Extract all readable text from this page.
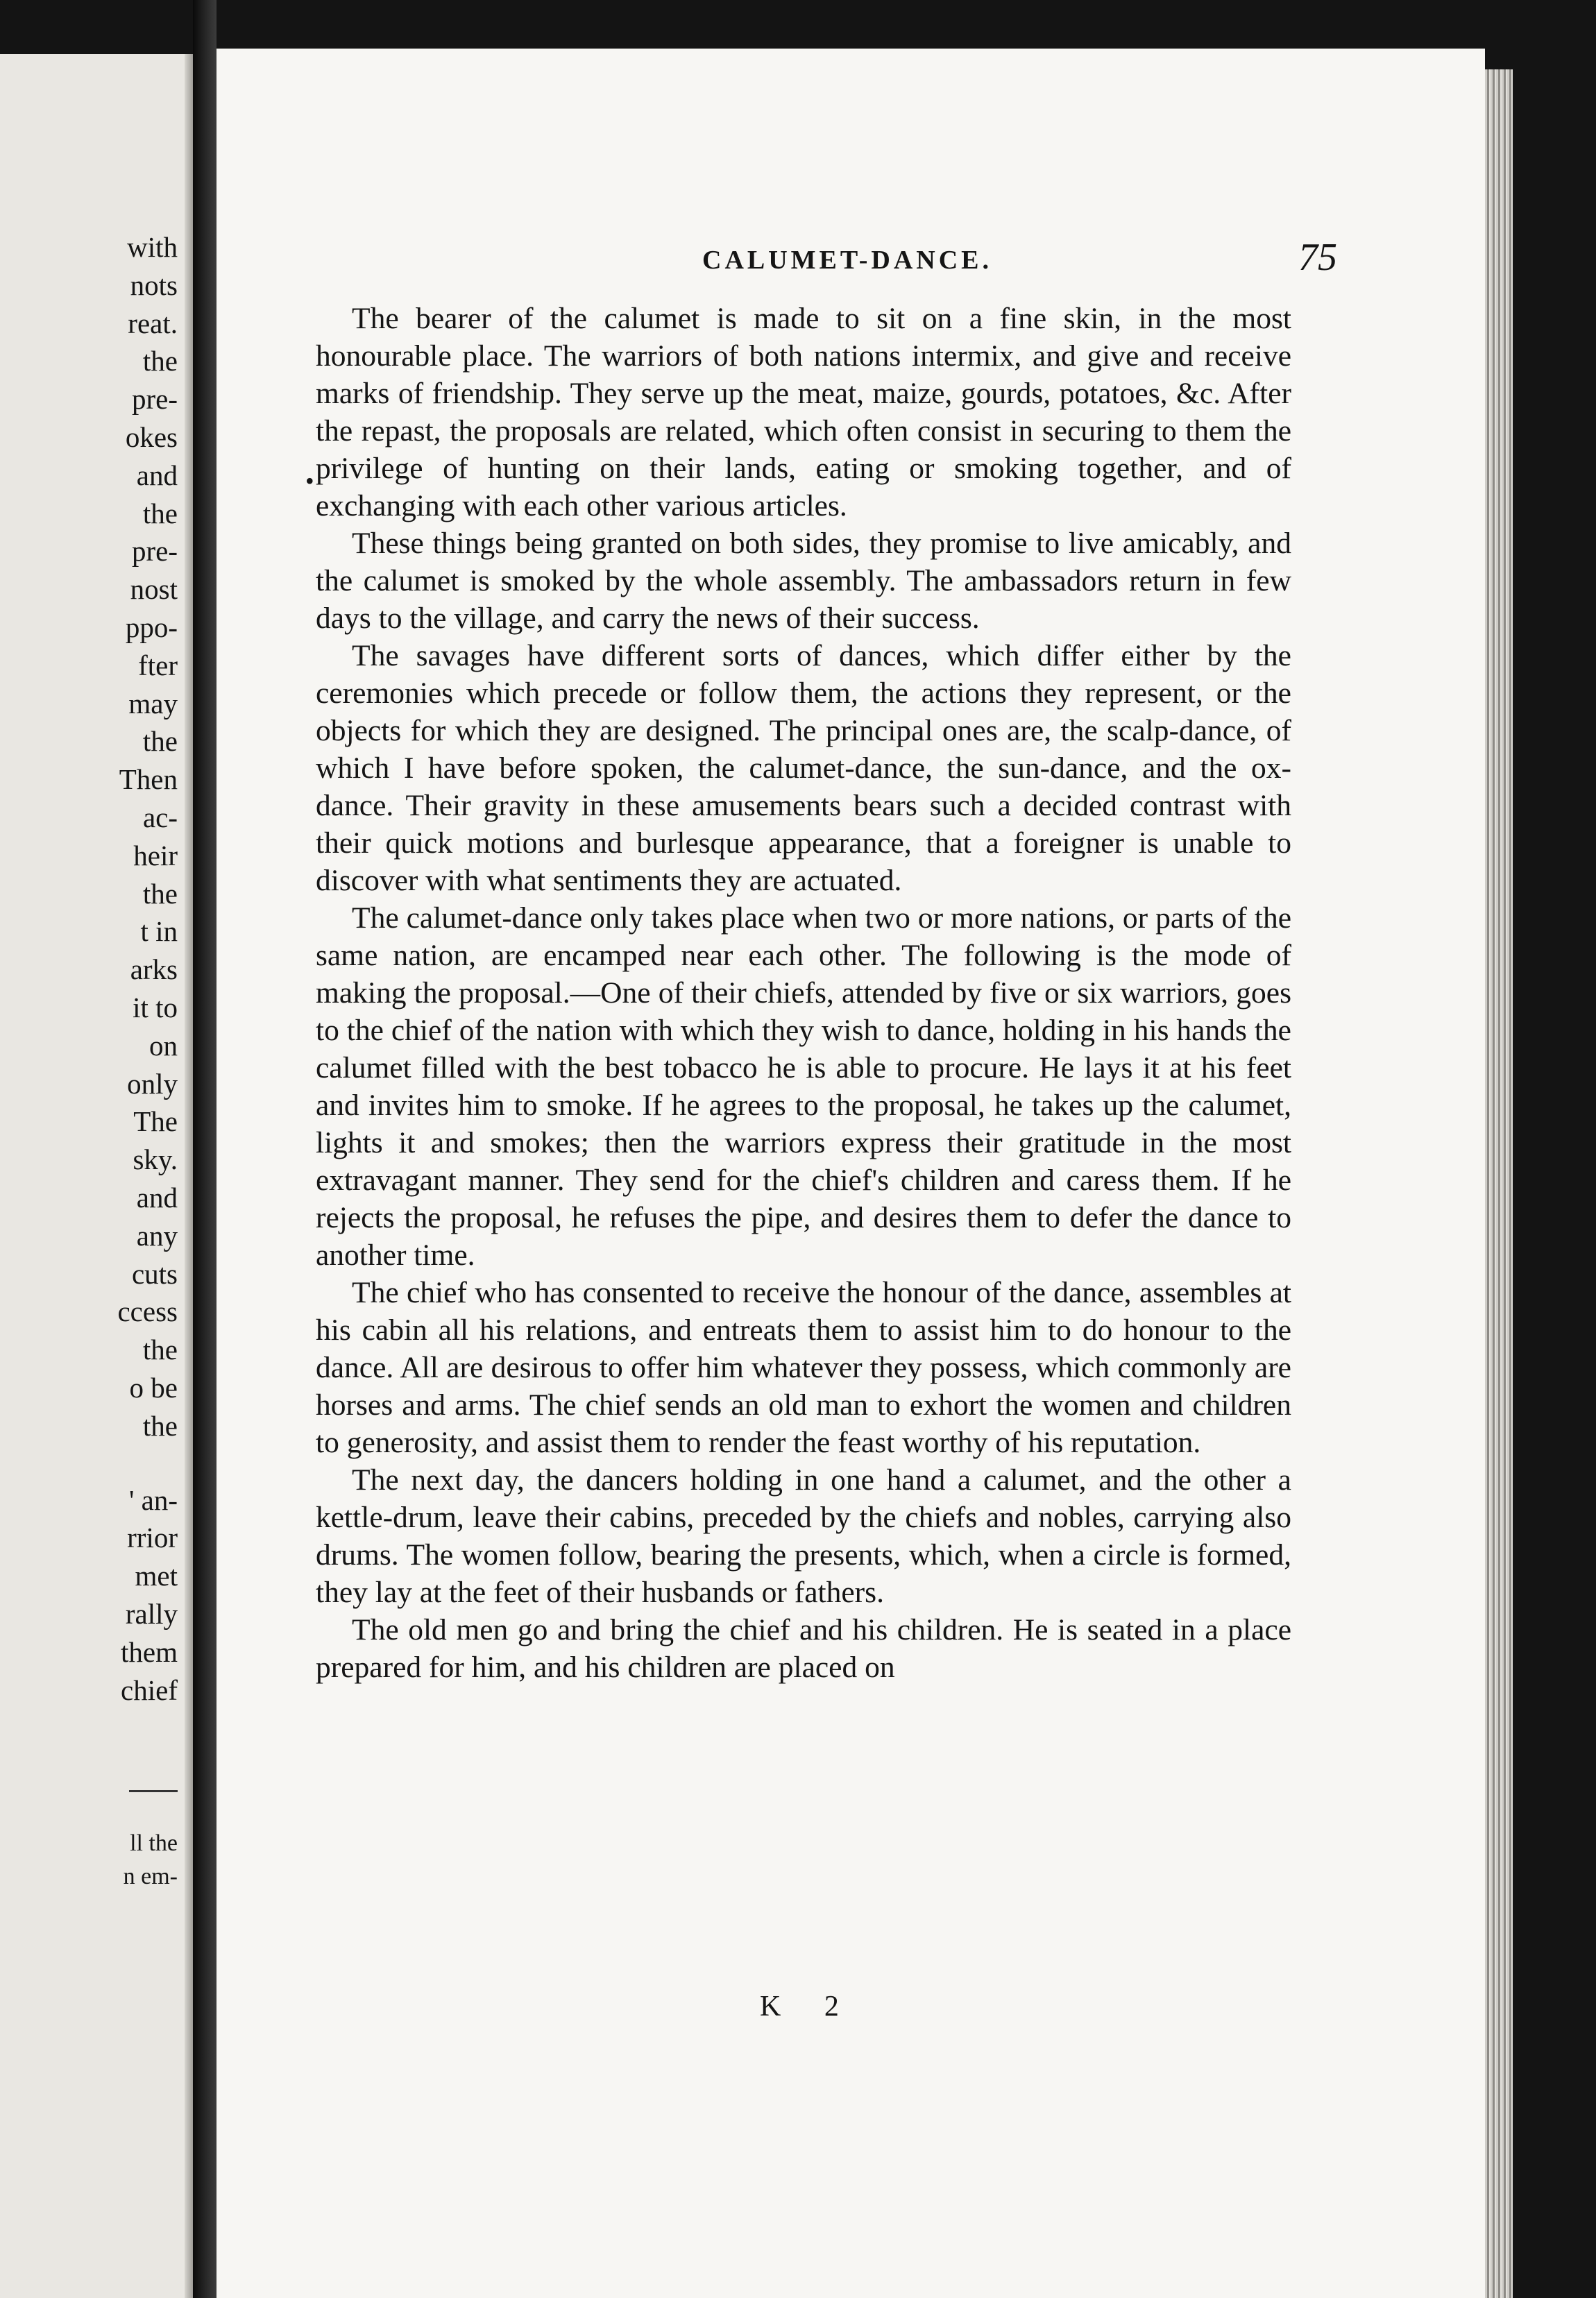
with
nots
reat.
the
pre-
okes
and
the
pre-
nost
ppo-
fter
may
the
Then
ac-
heir
the
t in
arks
it to
on
only
The
sky.
and
any
cuts
ccess
the
o be
the
' an-
rrior
met
rally
them
chief
ll the
n em-
CALUMET-DANCE.	75
•

The bearer of the calumet is made to sit on a fine skin, in the most honourable place. The warriors of both nations intermix, and give and receive marks of friendship. They serve up the meat, maize, gourds, potatoes, &c. After the repast, the proposals are related, which often consist in securing to them the privilege of hunting on their lands, eating or smoking together, and of exchanging with each other various articles.

These things being granted on both sides, they promise to live amicably, and the calumet is smoked by the whole assembly. The ambassadors return in few days to the village, and carry the news of their success.

The savages have different sorts of dances, which differ either by the ceremonies which precede or follow them, the actions they represent, or the objects for which they are designed. The principal ones are, the scalp-dance, of which I have before spoken, the calumet-dance, the sun-dance, and the ox-dance. Their gravity in these amusements bears such a decided contrast with their quick motions and burlesque appearance, that a foreigner is unable to discover with what sentiments they are actuated.

The calumet-dance only takes place when two or more nations, or parts of the same nation, are encamped near each other. The following is the mode of making the proposal.—One of their chiefs, attended by five or six warriors, goes to the chief of the nation with which they wish to dance, holding in his hands the calumet filled with the best tobacco he is able to procure. He lays it at his feet and invites him to smoke. If he agrees to the proposal, he takes up the calumet, lights it and smokes; then the warriors express their gratitude in the most extravagant manner. They send for the chief's children and caress them. If he rejects the proposal, he refuses the pipe, and desires them to defer the dance to another time.

The chief who has consented to receive the honour of the dance, assembles at his cabin all his relations, and entreats them to assist him to do honour to the dance. All are desirous to offer him whatever they possess, which commonly are horses and arms. The chief sends an old man to exhort the women and children to generosity, and assist them to render the feast worthy of his reputation.

The next day, the dancers holding in one hand a calumet, and the other a kettle-drum, leave their cabins, preceded by the chiefs and nobles, carrying also drums. The women follow, bearing the presents, which, when a circle is formed, they lay at the feet of their husbands or fathers.

The old men go and bring the chief and his children. He is seated in a place prepared for him, and his children are placed on

K 2
